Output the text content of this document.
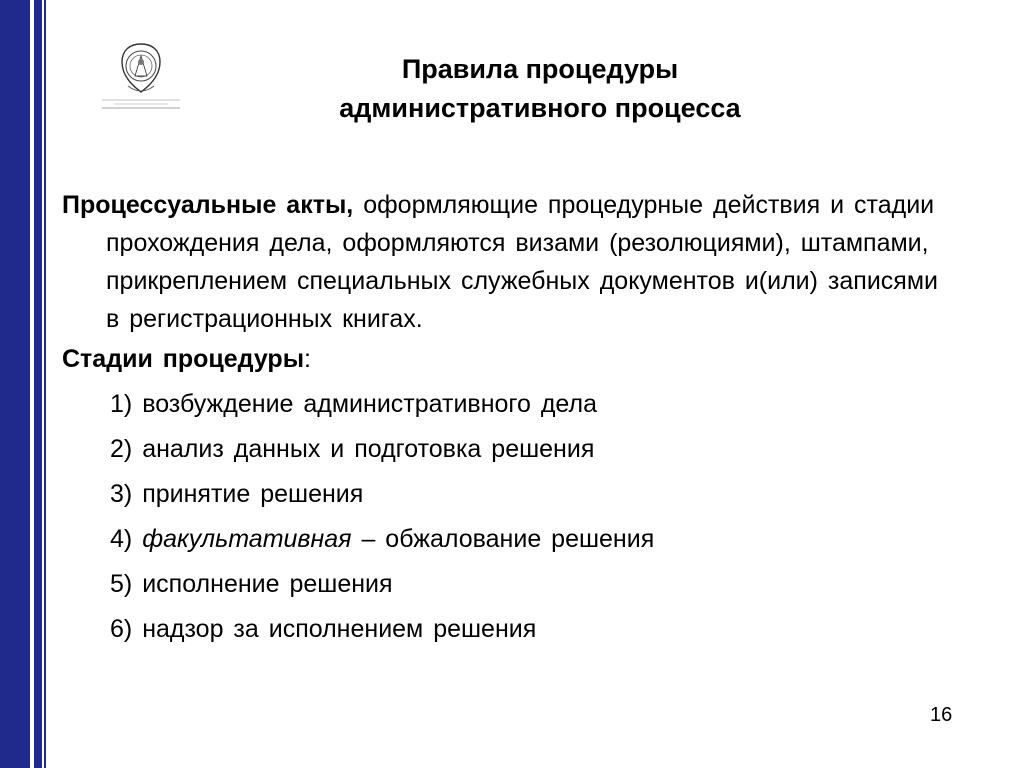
Правила процедуры
административного процесса

Процессуальные акты, оформляющие процедурные действия и стадии прохождения дела, оформляются визами (резолюциями), штампами, прикреплением специальных служебных документов и(или) записями в регистрационных книгах.

Стадии процедуры:

1) возбуждение административного дела
2) анализ данных и подготовка решения
3) принятие решения
4) факультативная – обжалование решения
5) исполнение решения
6) надзор за исполнением решения
16
